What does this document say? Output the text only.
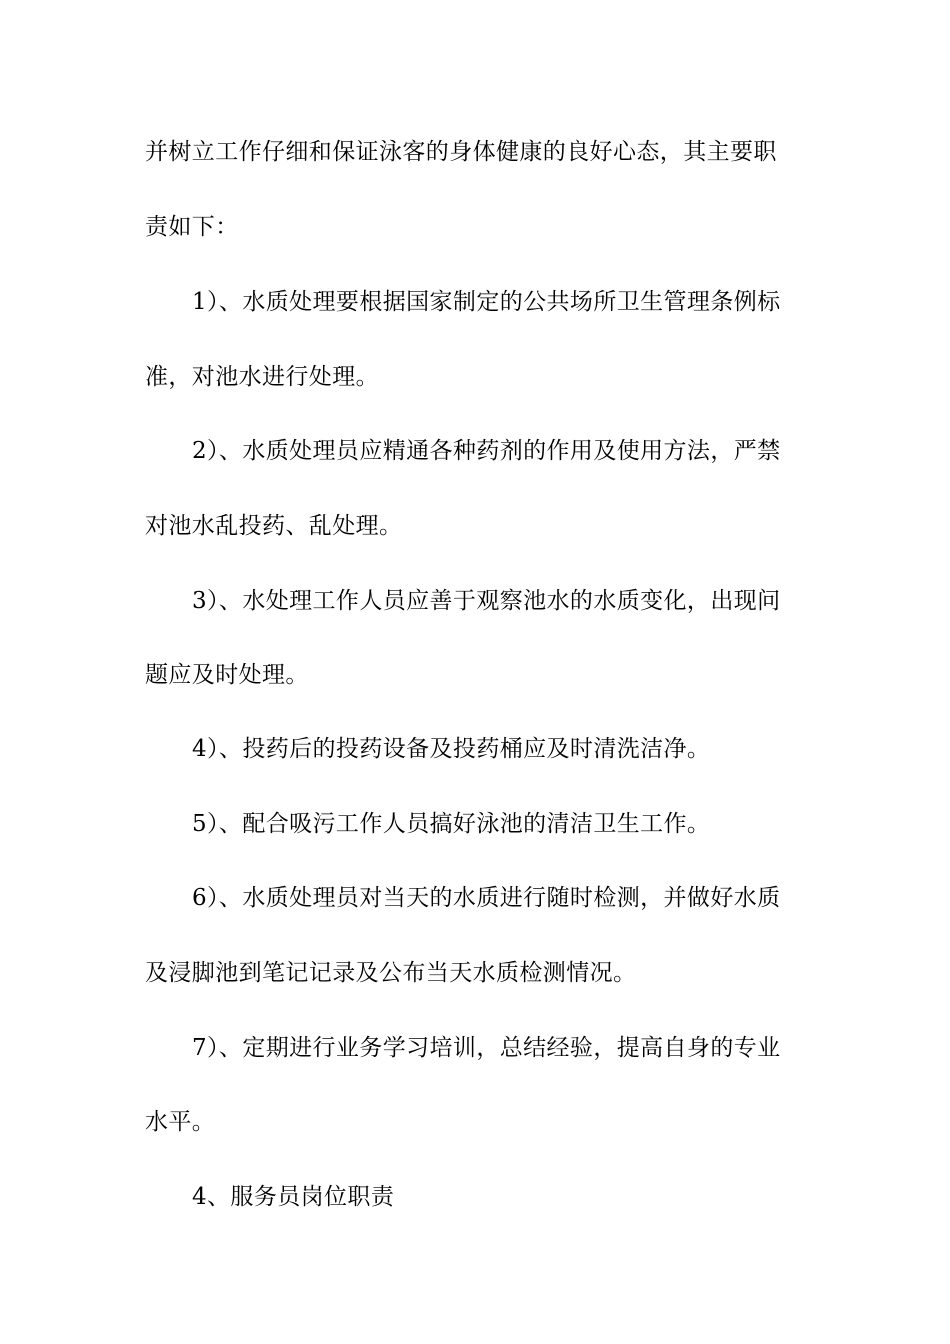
并树立工作仔细和保证泳客的身体健康的良好心态，其主要职
责如下：
1）、水质处理要根据国家制定的公共场所卫生管理条例标
准，对池水进行处理。
2）、水质处理员应精通各种药剂的作用及使用方法，严禁
对池水乱投药、乱处理。
3）、水处理工作人员应善于观察池水的水质变化，出现问
题应及时处理。
4）、投药后的投药设备及投药桶应及时清洗洁净。
5）、配合吸污工作人员搞好泳池的清洁卫生工作。
6）、水质处理员对当天的水质进行随时检测，并做好水质
及浸脚池到笔记记录及公布当天水质检测情况。
7）、定期进行业务学习培训，总结经验，提高自身的专业
水平。
4、服务员岗位职责
